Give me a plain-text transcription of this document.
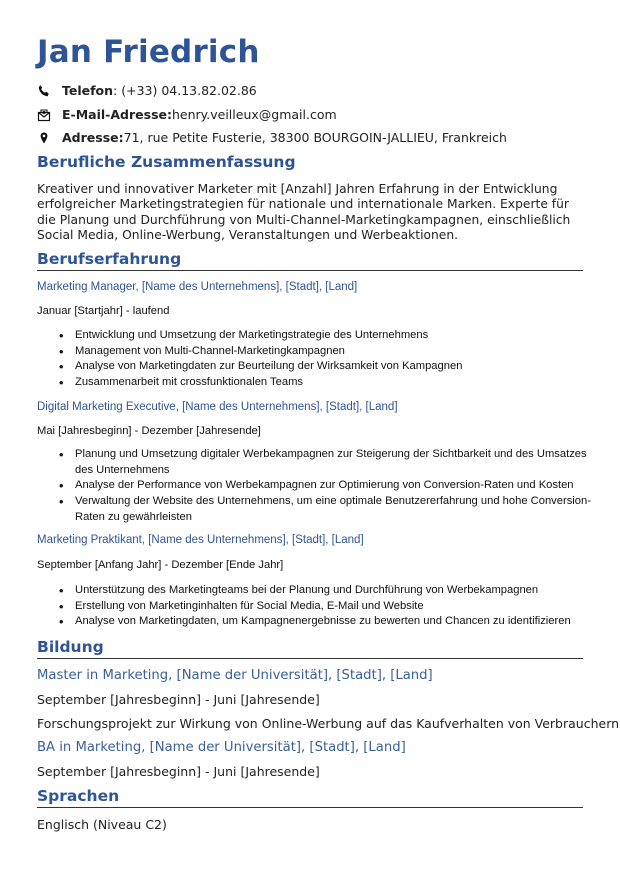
Jan Friedrich
Telefon : (+33) 04.13.82.02.86
E-Mail-Adresse: henry.veilleux@gmail.com
Adresse: 71, rue Petite Fusterie, 38300 BOURGOIN-JALLIEU, Frankreich
Berufliche Zusammenfassung
Kreativer und innovativer Marketer mit [Anzahl] Jahren Erfahrung in der Entwicklung erfolgreicher Marketingstrategien für nationale und internationale Marken. Experte für die Planung und Durchführung von Multi-Channel-Marketingkampagnen, einschließlich Social Media, Online-Werbung, Veranstaltungen und Werbeaktionen.
Berufserfahrung
Marketing Manager, [Name des Unternehmens], [Stadt], [Land]
Januar [Startjahr] - laufend
• Entwicklung und Umsetzung der Marketingstrategie des Unternehmens
• Management von Multi-Channel-Marketingkampagnen
• Analyse von Marketingdaten zur Beurteilung der Wirksamkeit von Kampagnen
• Zusammenarbeit mit crossfunktionalen Teams
Digital Marketing Executive, [Name des Unternehmens], [Stadt], [Land]
Mai [Jahresbeginn] - Dezember [Jahresende]
• Planung und Umsetzung digitaler Werbekampagnen zur Steigerung der Sichtbarkeit und des Umsatzes des Unternehmens
• Analyse der Performance von Werbekampagnen zur Optimierung von Conversion-Raten und Kosten
• Verwaltung der Website des Unternehmens, um eine optimale Benutzererfahrung und hohe Conversion-Raten zu gewährleisten
Marketing Praktikant, [Name des Unternehmens], [Stadt], [Land]
September [Anfang Jahr] - Dezember [Ende Jahr]
• Unterstützung des Marketingteams bei der Planung und Durchführung von Werbekampagnen
• Erstellung von Marketinginhalten für Social Media, E-Mail und Website
• Analyse von Marketingdaten, um Kampagnenergebnisse zu bewerten und Chancen zu identifizieren
Bildung
Master in Marketing, [Name der Universität], [Stadt], [Land]
September [Jahresbeginn] - Juni [Jahresende]
Forschungsprojekt zur Wirkung von Online-Werbung auf das Kaufverhalten von Verbrauchern
BA in Marketing, [Name der Universität], [Stadt], [Land]
September [Jahresbeginn] - Juni [Jahresende]
Sprachen
Englisch (Niveau C2)
